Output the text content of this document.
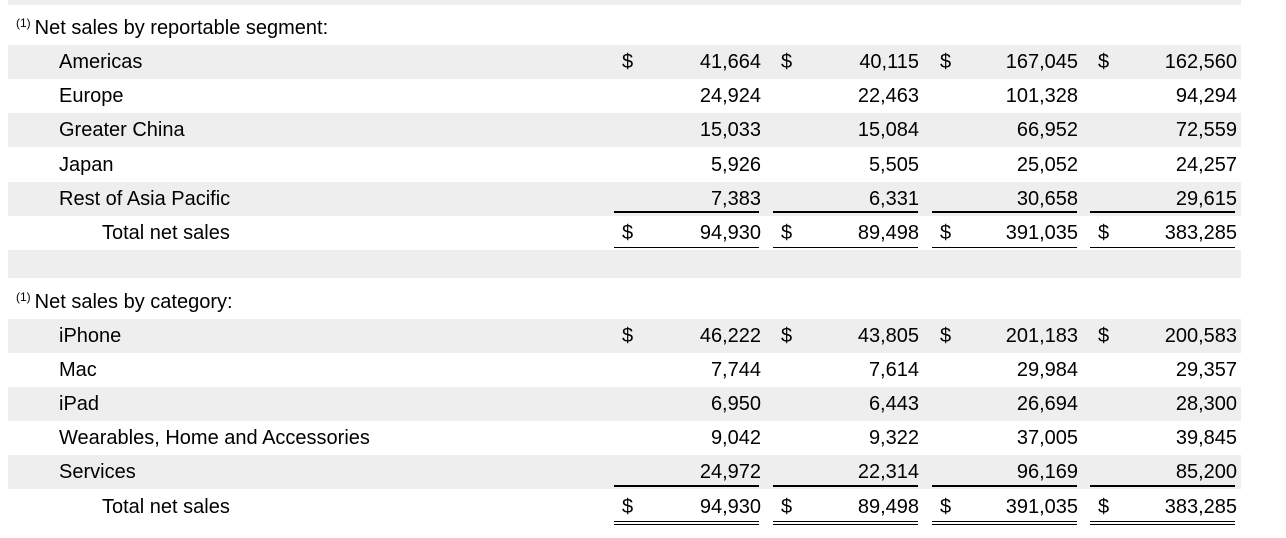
$^{(1)}$ Net sales by reportable segment:
Americas	$	41,664 $	40,115 $	167,045 $	162,560
Europe	24,924	22,463	101,328	94,294
Greater China	15,033	15,084	66,952	72,559
Japan	5,926	5,505	25,052	24,257
Rest of Asia Pacific	7,383	6,331	30,658	29,615
Total net sales	$	94,930 $	89,498 $	391,035 $	383,285
$^{(1)}$ Net sales by category:
iPhone	$	46,222 $	43,805 $	201,183 $	200,583
Mac	7,744	7,614	29,984	29,357
iPad	6,950	6,443	26,694	28,300
Wearables, Home and Accessories	9,042	9,322	37,005	39,845
Services	24,972	22,314	96,169	85,200
Total net sales	$	94,930 $	89,498 $	391,035 $	383,285
